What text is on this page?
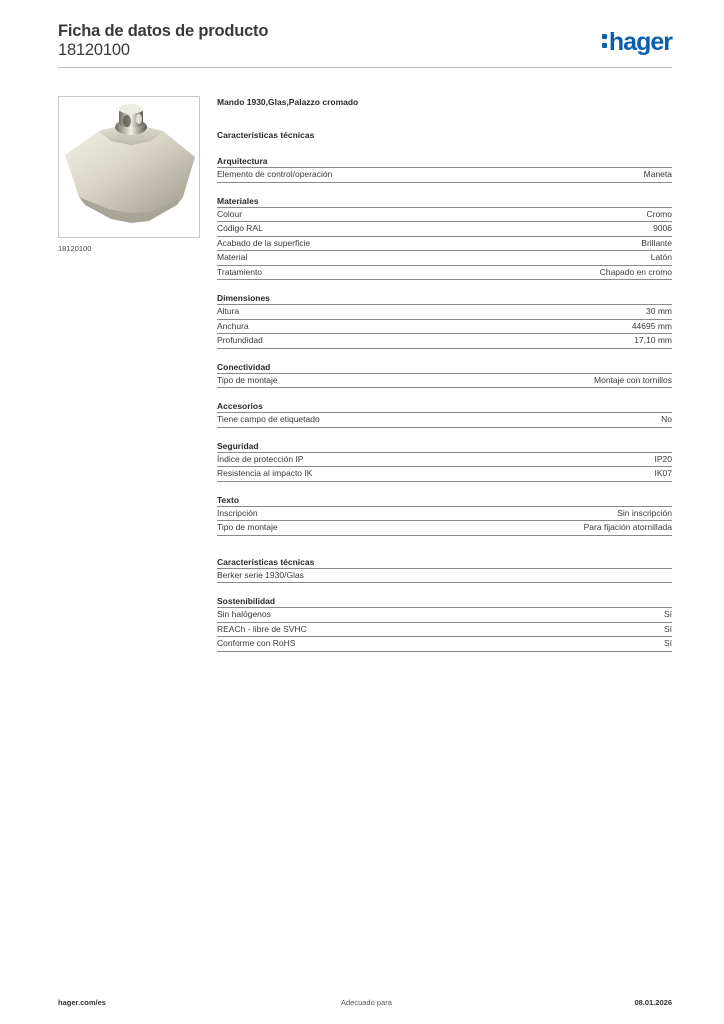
Ficha de datos de producto
18120100	hager
18120100
Mando 1930,Glas,Palazzo cromado
Características técnicas
Arquitectura
Elemento de control/operación	Maneta
Materiales
Colour	Cromo
Código RAL	9006
Acabado de la superficie	Brillante
Material	Latón
Tratamiento	Chapado en cromo
Dimensiones
Altura	30 mm
Anchura	44695 mm
Profundidad	17,10 mm
Conectividad
Tipo de montaje	Montaje con tornillos
Accesorios
Tiene campo de etiquetado	No
Seguridad
Índice de protección IP	IP20
Resistencia al impacto IK	IK07
Texto
Inscripción	Sin inscripción
Tipo de montaje	Para fijación atornillada
Características técnicas
Berker serie 1930/Glas
Sostenibilidad
Sin halógenos	Sí
REACh - libre de SVHC	Sí
Conforme con RoHS	Sí
hager.com/es	Adecuado para	08.01.2026
